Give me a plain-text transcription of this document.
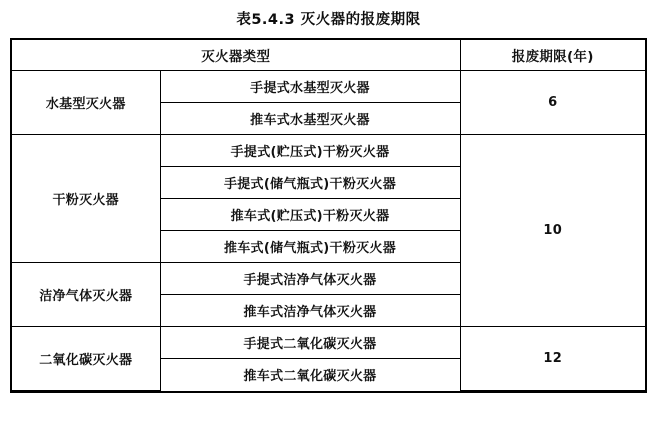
表5.4.3 灭火器的报废期限
灭火器类型		报废期限(年)
水基型灭火器	手提式水基型灭火器	6
	推车式水基型灭火器	
干粉灭火器	手提式(贮压式)干粉灭火器	10
	手提式(储气瓶式)干粉灭火器	
	推车式(贮压式)干粉灭火器	
	推车式(储气瓶式)干粉灭火器	
洁净气体灭火器	手提式洁净气体灭火器	
	推车式洁净气体灭火器	
二氧化碳灭火器	手提式二氧化碳灭火器	12
	推车式二氧化碳灭火器	
